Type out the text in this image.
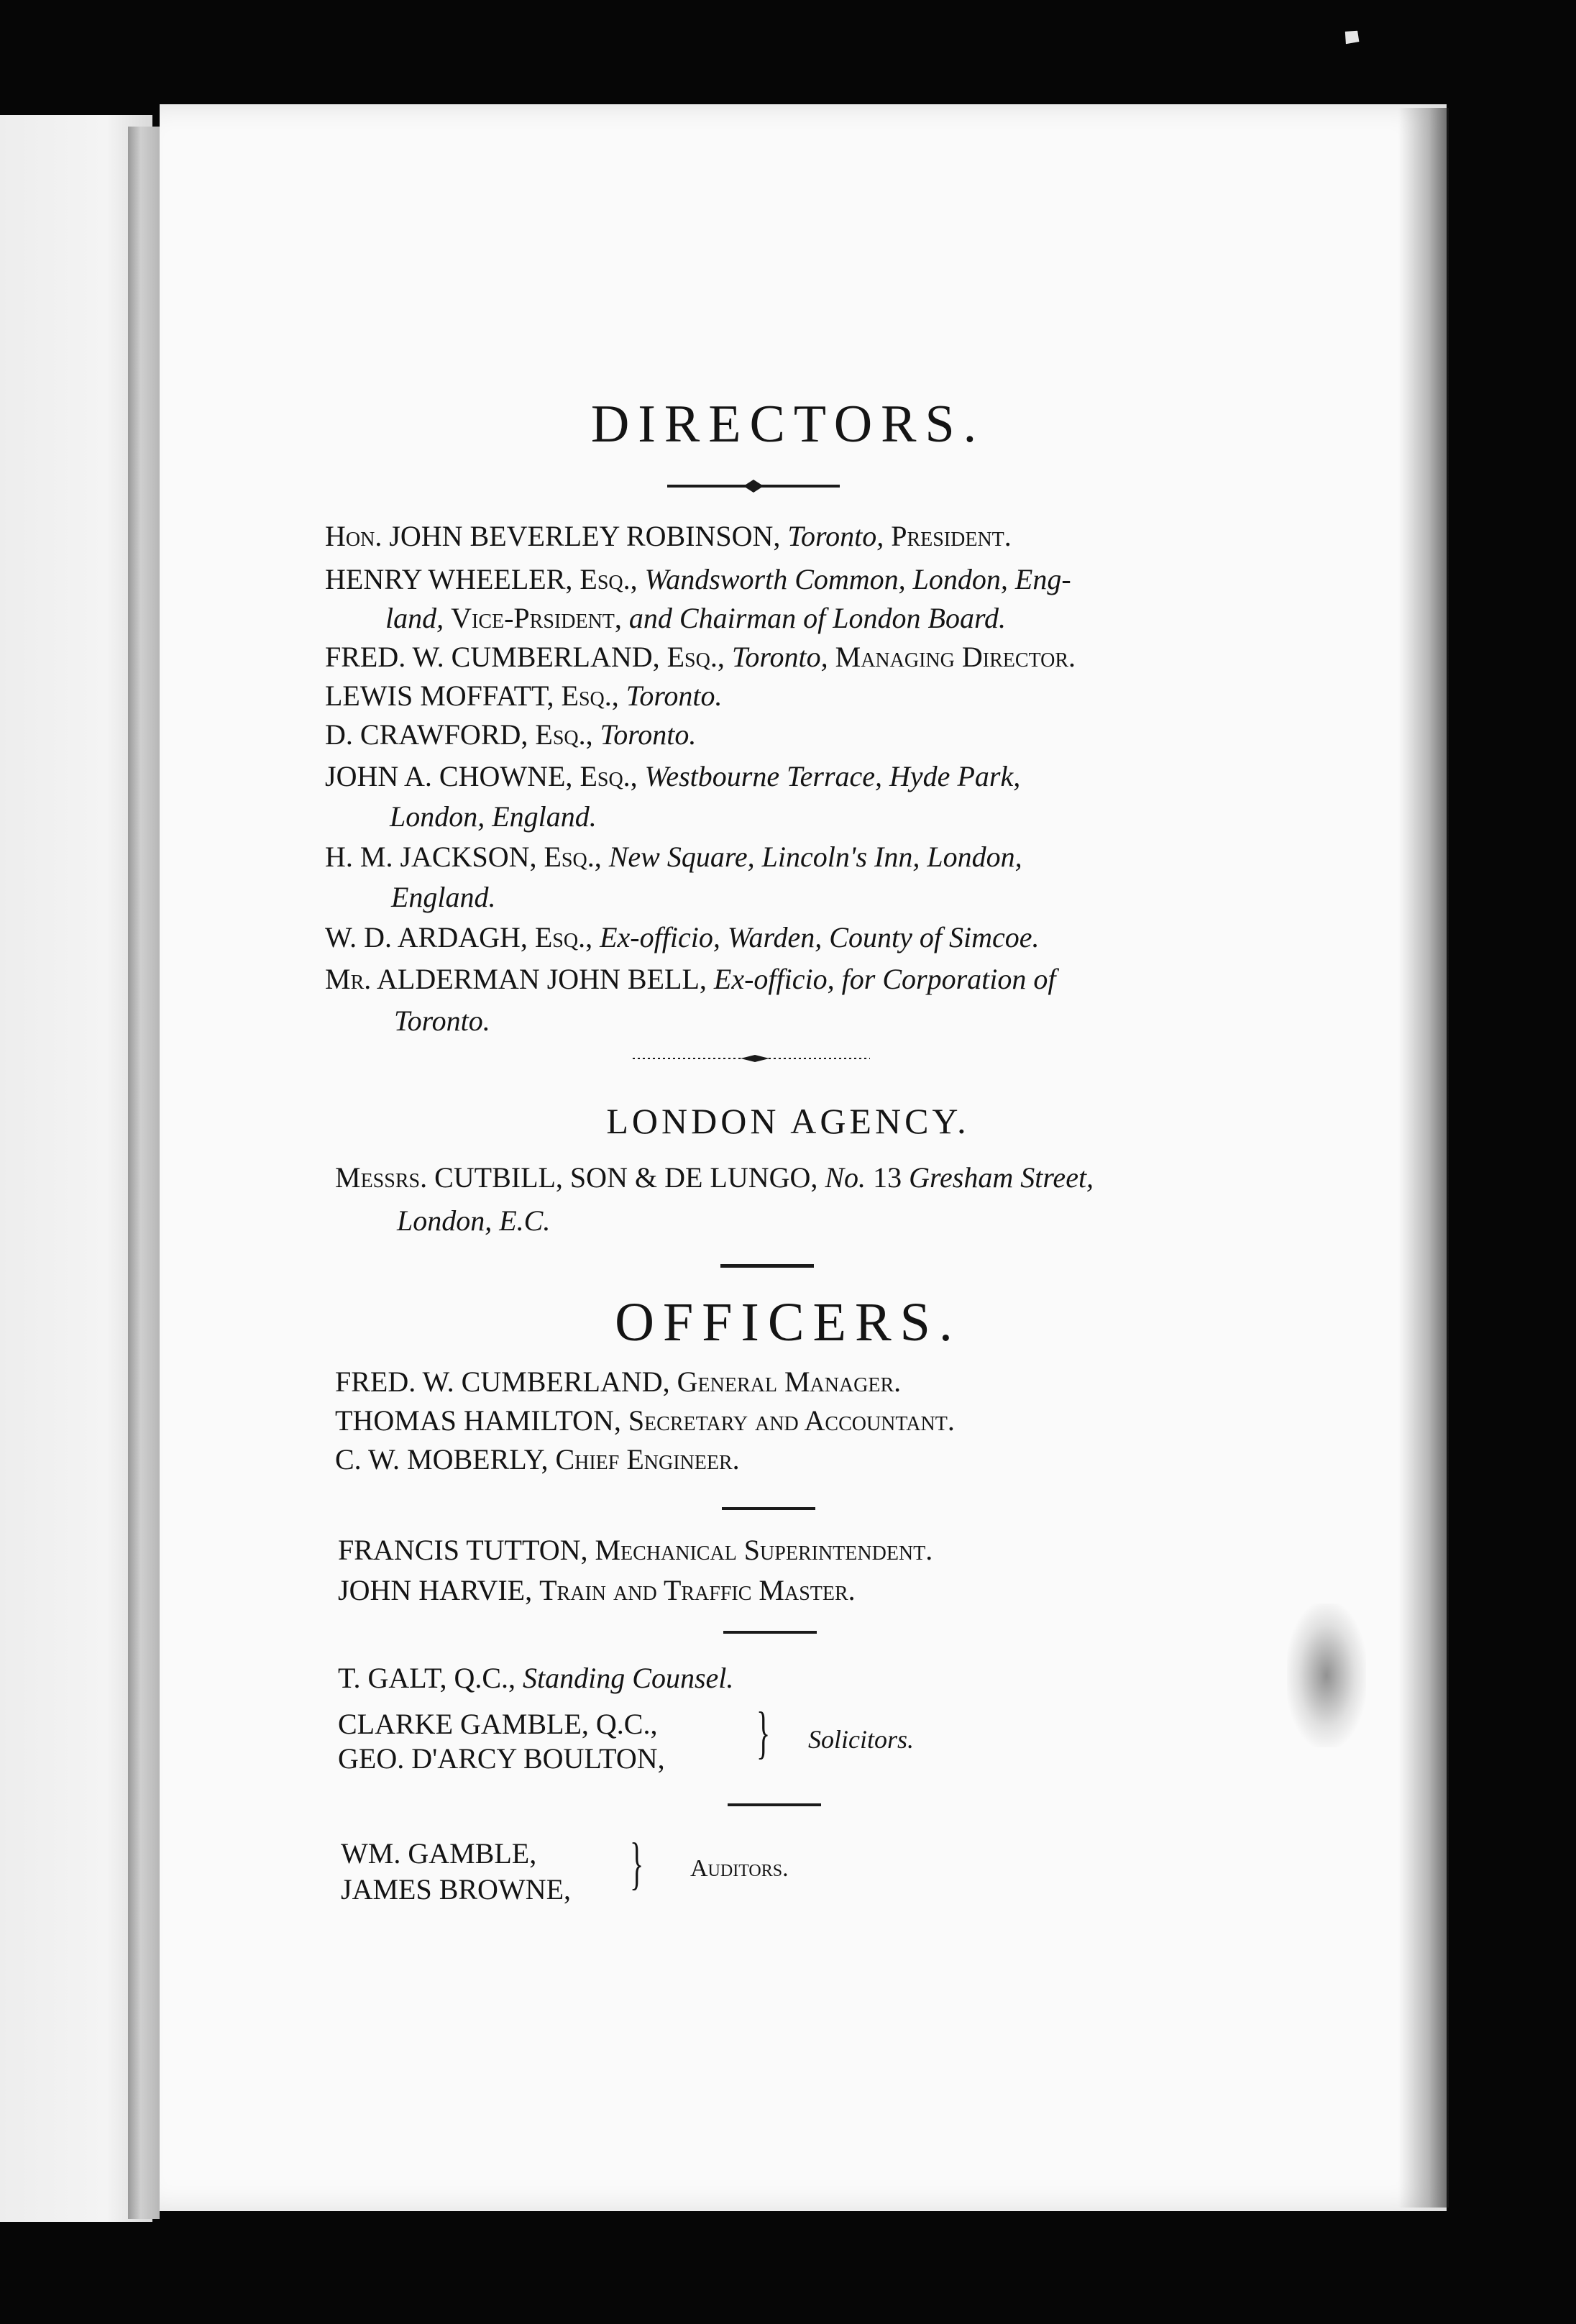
DIRECTORS.
Hon. JOHN BEVERLEY ROBINSON, Toronto, President.
HENRY WHEELER, Esq., Wandsworth Common, London, Eng-
land, Vice-Prsident, and Chairman of London Board.
FRED. W. CUMBERLAND, Esq., Toronto, Managing Director.
LEWIS MOFFATT, Esq., Toronto.
D. CRAWFORD, Esq., Toronto.
JOHN A. CHOWNE, Esq., Westbourne Terrace, Hyde Park,
London, England.
H. M. JACKSON, Esq., New Square, Lincoln's Inn, London,
England.
W. D. ARDAGH, Esq., Ex-officio, Warden, County of Simcoe.
Mr. ALDERMAN JOHN BELL, Ex-officio, for Corporation of
Toronto.
LONDON AGENCY.
Messrs. CUTBILL, SON & DE LUNGO, No. 13 Gresham Street,
London, E.C.
OFFICERS.
FRED. W. CUMBERLAND, General Manager.
THOMAS HAMILTON, Secretary and Accountant.
C. W. MOBERLY, Chief Engineer.
FRANCIS TUTTON, Mechanical Superintendent.
JOHN HARVIE, Train and Traffic Master.
T. GALT, Q.C., Standing Counsel.
CLARKE GAMBLE, Q.C.,
GEO. D'ARCY BOULTON, } Solicitors.
WM. GAMBLE,
JAMES BROWNE, } Auditors.
